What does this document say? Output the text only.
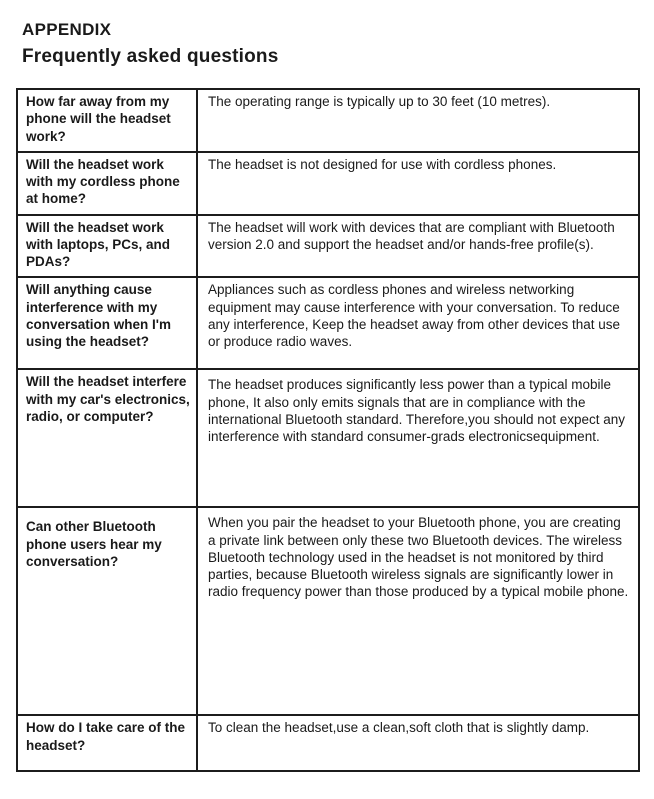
APPENDIX
Frequently asked questions
How far away from my phone will the headset work?	The operating range is typically up to 30 feet (10 metres).
Will the headset work with my cordless phone at home?	The headset is not designed for use with cordless phones.
Will the headset work with laptops, PCs, and PDAs?	The headset will work with devices that are compliant with Bluetooth version 2.0 and support the headset and/or hands-free profile(s).
Will anything cause interference with my conversation when I'm using the headset?	Appliances such as cordless phones and wireless networking equipment may cause interference with your conversation. To reduce any interference, Keep the headset away from other devices that use or produce radio waves.
Will the headset interfere with my car's electronics, radio, or computer?	The headset produces significantly less power than a typical mobile phone, It also only emits signals that are in compliance with the international Bluetooth standard. Therefore,you should not expect any interference with standard consumer-grads electronicsequipment.
Can other Bluetooth phone users hear my conversation?	When you pair the headset to your Bluetooth phone, you are creating a private link between only these two Bluetooth devices. The wireless Bluetooth technology used in the headset is not monitored by third parties, because Bluetooth wireless signals are significantly lower in radio frequency power than those produced by a typical mobile phone.
How do I take care of the headset?	To clean the headset,use a clean,soft cloth that is slightly damp.
